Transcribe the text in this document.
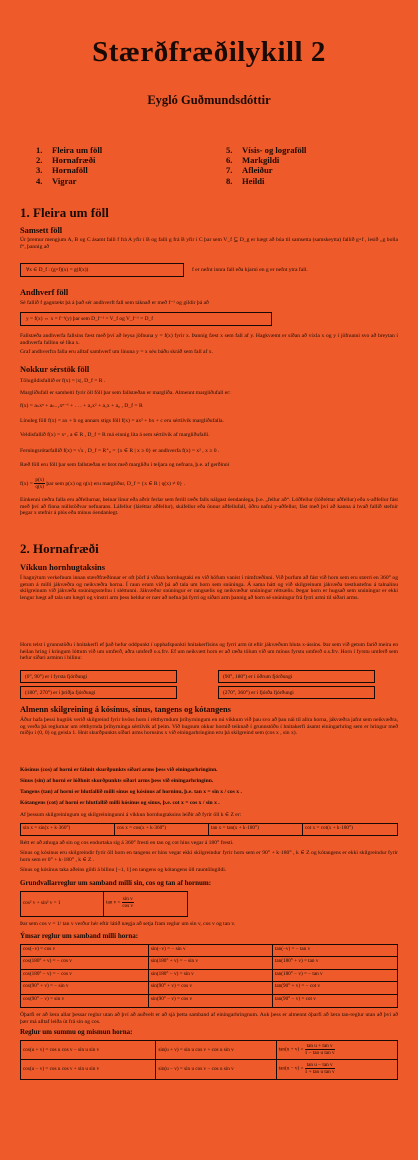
Stærðfræðilykill 2
Eygló Guðmundsdóttir
1. Fleira um föll
2. Hornafræði
3. Hornaföll
4. Vigrar
5. Vísis- og lograföll
6. Markgildi
7. Afleiður
8. Heildi
1. Fleira um föll
Samsett föll
Úr þremur mengjum A, B og C ásamt falli f frá A yfir í B og falli g frá B yfir í C þar sem V_f ⊆ D_g er hægt að búa til samsetta (samskeytta) fallið g∘f , lesið „g bolla f“, þannig að
∀x ∈ D_f : (g∘f)(x) = g(f(x))	f er nefnt innra fall eða kjarni en g er nefnt ytra fall.
Andhverf föll
Sé fallið f gagntækt þá á það sér andhverft fall sem táknað er með f⁻¹ og gildir þá að
y = f(x) ⇔ x = f⁻¹(y) þar sem D_f⁻¹ = V_f og V_f⁻¹ = D_f
Fallstæða andhverfa fallsins fæst með því að leysa jöfnuna y = f(x) fyrir x. Þannig fæst x sem fall af y. Hagkvæmt er síðan að víxla x og y í jöfnunni svo að breytan í andhverfa fallinu sé líka x.
Graf andhverfra falla eru alltaf samhverf um línuna y = x séu báðu skráð sem fall af x.
Nokkur sérstök föll
Tölugildisfallið er f(x) = |x|, D_f = R .
Margliðufall er samheiti fyrir öll föll þar sem fallstæðan er margliða. Almennt margliðufall er:
f(x) = aₙxⁿ + aₙ₋₁xⁿ⁻¹ + . . . + a₂x² + a₁x + a₀ , D_f = R
Línuleg föll f(x) = ax + b og annars stigs föll f(x) = ax² + bx + c eru sértilvik margliðufalla.
Veldisfallið f(x) = xᵃ , a ∈ R , D_f = R má einnig líta á sem sértilvik af margliðufalli.
Ferningsrótarfallið f(x) = √x , D_f = R⁺₀ = {x ∈ R | x ≥ 0} er andhverfa f(x) = x² , x ≥ 0 .
Ræð föll eru föll þar sem fallstæðan er brot með margliðu í teljara og nefnara, þ.e. af gerðinni
$f(x) = \frac{p(x)}{q(x)}$ þar sem p(x) og q(x) eru margliður, D_f = {x ∈ R | q(x) ≠ 0} .
Einkenni ræðra falla eru aðfellurnar, beinar línur eða aðrir ferlar sem ferill ræðs falls nálgast óendanlega, þ.e. „fellur að“. Lóðfellur (lóðréttar aðfellur) eða x-aðfellur fást með því að finna núllstöðvar nefnarans. Láfellur (láréttar aðfellur), skáfellur eða önnur aðfellufall, öðru nafni y-aðfellur, fást með því að kanna á hvað fallið stefnir þegar x stefnir á plús eða mínus óendanlegt.
2. Hornafræði
Víkkun hornhugtaksins
Í hagnýtum verkefnum innan stærðfræðinnar er oft þörf á víðara hornhugtaki en við höfum vanist í rúmfræðinni. Við þurfum að fást við horn sem eru stærri en 360° og getum á milli jákvæðra og neikvæðra horna. Í raun erum við þá að tala um horn sem snúninga. Á sama hátt og við skilgreinum jákvæða tæstlustefnu á talnalínu skilgreinum við jákvæða snúningsstefnu í sléttunni. Jákvæður snúningur er rangsælis og neikvæður snúningur réttsælis. Þegar horn er hugsað sem snúningur er ekki lengur hægt að tala um hægri og vinstri arm þess heldur er nær að nefna þá fyrri og síðari arm þannig að horn sé snúningur frá fyrri armi til síðari arms.
Horn telst í grunnstöðu í hnitakerfi ef það hefur oddpunkt í upphafspunkti hnitakerfisins og fyrri arm út eftir jákvæðum hluta x-ássins. Þar sem við getum farið meira en heilan hring í kringum lóttum við um umferð, aðra umferð o.s.frv. Ef um neikvætt horn er að ræða tölum við um mínus fyrstu umferð o.s.frv. Horn í fyrstu umferð sem hefur síðari arminn í bilinu:
(0°, 90°) er í fyrsta fjórðungi	(90°, 180°) er í öðrum fjórðungi
(180°, 270°) er í þriðja fjórðungi	(270°, 360°) er í fjórða fjórðungi
Almenn skilgreining á kósínus, sínus, tangens og kótangens
Áður hafa þessi hugtök verið skilgreind fyrir hvöss horn í rétthyrndum þríhyrningum en nú víkkum við þau svo að þau nái til allra horna, jákvæðra jafnt sem neikvæðra, og verða þá reglurnar um rétthyrnda þríhyrninga sértilvik af þeim. Við hugsum okkur hornið teiknað í grunnstöðu í hnitakerfi ásamt einingarhring sem er hringur með miðju í (0, 0) og geisla 1. Hnit skurðpunkts síðari arms hornsins x við einingarhringinn eru þá skilgreind sem (cos x , sin x).
Kósínus (cos) af horni er fáhnit skurðpunkts síðari arms þess við einingarhringinn.
Sínus (sin) af horni er lóðhnit skurðpunkts síðari arms þess við einingarhringinn.
Tangens (tan) af horni er hlutfallið milli sínus og kósínus af horninu, þ.e. tan x = sin x / cos x .
Kótangens (cot) af horni er hlutfallið milli kósínus og sínus, þ.e. cot x = cos x / sin x .
Af þessum skilgreiningum og skilgreiningunni á víkkun hornhugtaksins leiðir að fyrir öll k ∈ Z er:
sin x = sin(x + k·360°)	cos x = cos(x + k·360°)	tan x = tan(x + k·180°)	cot x = cot(x + k·180°)
Rétt er að athuga að sin og cos endurtaka sig á 360° fresti en tan og cot hins vegar á 180° fresti.
Sínus og kósínus eru skilgreindir fyrir öll horn en tangens er hins vegar ekki skilgreindur fyrir horn sem er 90° + k·180° , k ∈ Z og kótangens er ekki skilgreindur fyrir horn sem er 0° + k·180° , k ∈ Z .
Sínus og kósínus taka aðeins gildi á bilinu [−1, 1] en tangens og kótangens öll rauntölugildi.
Grundvallarreglur um samband milli sin, cos og tan af hornum:
cos² v + sin² v = 1	$\tan v = \frac{\text{sin v}}{\text{cos v}}$
Þar sem cos v = 1/ tan v verður hér eftir látið nægja að setja fram reglur um sin v, cos v og tan v.
Ýmsar reglur um samband milli horna:
cos(−v) = cos v	sin(−v) = − sin v	tan(−v) = − tan v
cos(180° + v) = − cos v	sin(180° + v) = − sin v	tan(180° + v) = tan v
cos(180° − v) = − cos v	sin(180° − v) = sin v	tan(180° − v) = − tan v
cos(90° + v) = − sin v	sin(90° + v) = cos v	tan(90° + v) = − cot v
cos(90° − v) = sin v	sin(90° − v) = cos v	tan(90° − v) = cot v
Óþarfi er að læra allar þessar reglur utan að því að auðvelt er að sjá þetta samband af einingarhringnum. Auk þess er almennt óþarfi að læra tan-reglur utan að því að þær má alltaf leiða út frá sin og cos.
Reglur um summu og mismun horna:
cos(u + v) = cos u cos v − sin u sin v	sin(u + v) = sin u cos v + cos u sin v	$\tan(u + v) = \frac{\text{tan u + tan v}}{\text{1 − tan u tan v}}$
cos(u − v) = cos u cos v + sin u sin v	sin(u − v) = sin u cos v − cos u sin v	$\tan(u - v) = \frac{\text{tan u − tan v}}{\text{1 + tan u tan v}}$
